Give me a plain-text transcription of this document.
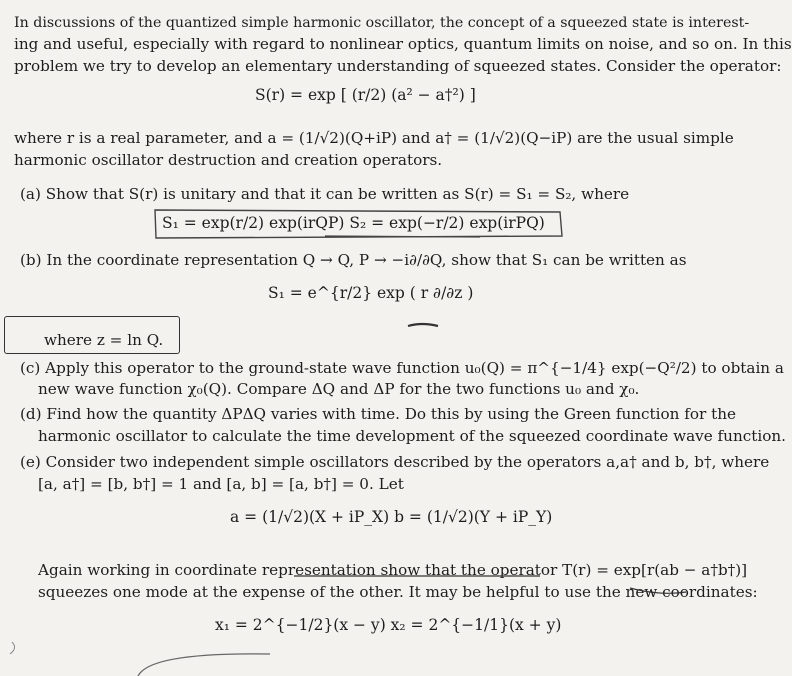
In discussions of the quantized simple harmonic oscillator, the concept of a squeezed state is interest-
ing and useful, especially with regard to nonlinear optics, quantum limits on noise, and so on. In this
problem we try to develop an elementary understanding of squeezed states. Consider the operator:
S(r) = exp [ (r/2) (a² − a†²) ]
where r is a real parameter, and a = (1/√2)(Q+iP) and a† = (1/√2)(Q−iP) are the usual simple
harmonic oscillator destruction and creation operators.
(a) Show that S(r) is unitary and that it can be written as S(r) = S₁ = S₂, where
S₁ = exp(r/2) exp(irQP) S₂ = exp(−r/2) exp(irPQ)
(b) In the coordinate representation Q → Q, P → −i∂/∂Q, show that S₁ can be written as
S₁ = e^{r/2} exp ( r ∂/∂z )
where z = ln Q.
(c) Apply this operator to the ground-state wave function u₀(Q) = π^{−1/4} exp(−Q²/2) to obtain a
new wave function χ₀(Q). Compare ΔQ and ΔP for the two functions u₀ and χ₀.
(d) Find how the quantity ΔPΔQ varies with time. Do this by using the Green function for the
harmonic oscillator to calculate the time development of the squeezed coordinate wave function.
(e) Consider two independent simple oscillators described by the operators a,a† and b, b†, where
[a, a†] = [b, b†] = 1 and [a, b] = [a, b†] = 0. Let
a = (1/√2)(X + iP_X) b = (1/√2)(Y + iP_Y)
Again working in coordinate representation show that the operator T(r) = exp[r(ab − a†b†)]
squeezes one mode at the expense of the other. It may be helpful to use the new coordinates:
x₁ = 2^{−1/2}(x − y) x₂ = 2^{−1/1}(x + y)
